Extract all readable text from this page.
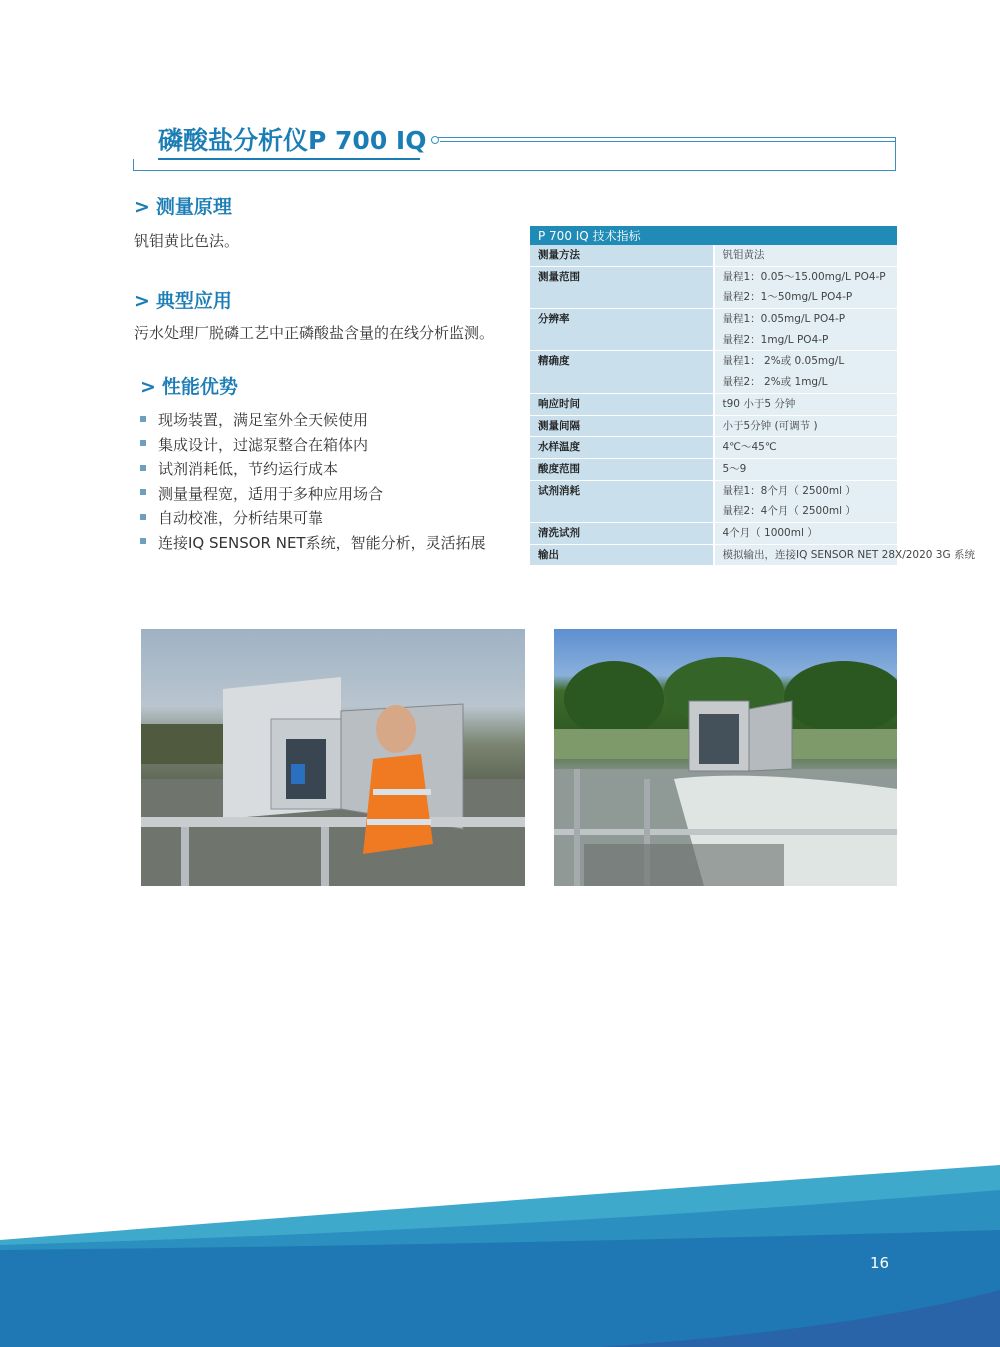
磷酸盐分析仪P 700 IQ
> 测量原理
钒钼黄比色法。
> 典型应用
污水处理厂脱磷工艺中正磷酸盐含量的在线分析监测。
> 性能优势
现场装置，满足室外全天候使用
集成设计，过滤泵整合在箱体内
试剂消耗低，节约运行成本
测量量程宽，适用于多种应用场合
自动校准，分析结果可靠
连接IQ SENSOR NET系统，智能分析，灵活拓展
P 700 IQ 技术指标	
测量方法	钒钼黄法

测量范围	量程1：0.05～15.00mg/L PO4-P
量程2：1～50mg/L PO4-P

分辨率	量程1：0.05mg/L PO4-P
量程2：1mg/L PO4-P

精确度	量程1： 2%或 0.05mg/L
量程2： 2%或 1mg/L

响应时间	t90 小于5 分钟

测量间隔	小于5分钟 (可调节 )

水样温度	4℃～45℃

酸度范围	5～9

试剂消耗	量程1：8个月（ 2500ml ）
量程2：4个月（ 2500ml ）

清洗试剂	4个月（ 1000ml ）

输出	模拟输出，连接IQ SENSOR NET 28X/2020 3G 系统
16
